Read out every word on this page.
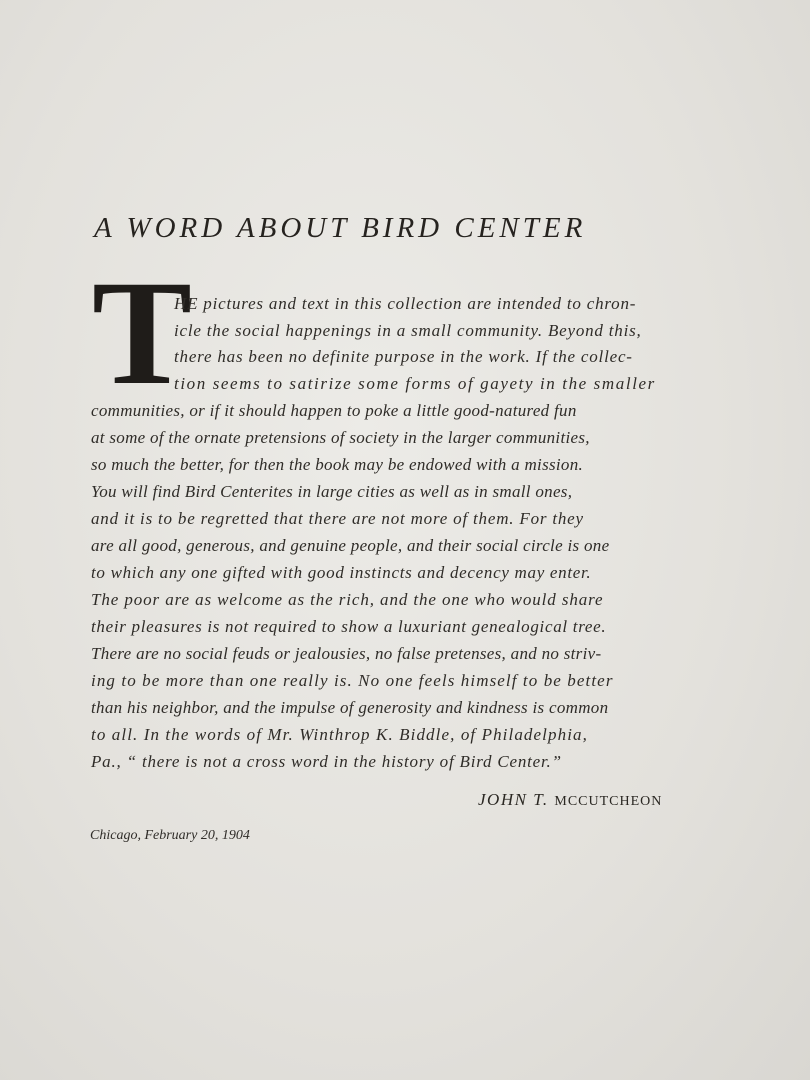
A WORD ABOUT BIRD CENTER
T
HE pictures and text in this collection are intended to chron-
icle the social happenings in a small community. Beyond this,
there has been no definite purpose in the work. If the collec-
tion seems to satirize some forms of gayety in the smaller
communities, or if it should happen to poke a little good-natured fun
at some of the ornate pretensions of society in the larger communities,
so much the better, for then the book may be endowed with a mission.
You will find Bird Centerites in large cities as well as in small ones,
and it is to be regretted that there are not more of them. For they
are all good, generous, and genuine people, and their social circle is one
to which any one gifted with good instincts and decency may enter.
The poor are as welcome as the rich, and the one who would share
their pleasures is not required to show a luxuriant genealogical tree.
There are no social feuds or jealousies, no false pretenses, and no striv-
ing to be more than one really is. No one feels himself to be better
than his neighbor, and the impulse of generosity and kindness is common
to all. In the words of Mr. Winthrop K. Biddle, of Philadelphia,
Pa., “ there is not a cross word in the history of Bird Center.”
JOHN T. MCCUTCHEON
Chicago, February 20, 1904
